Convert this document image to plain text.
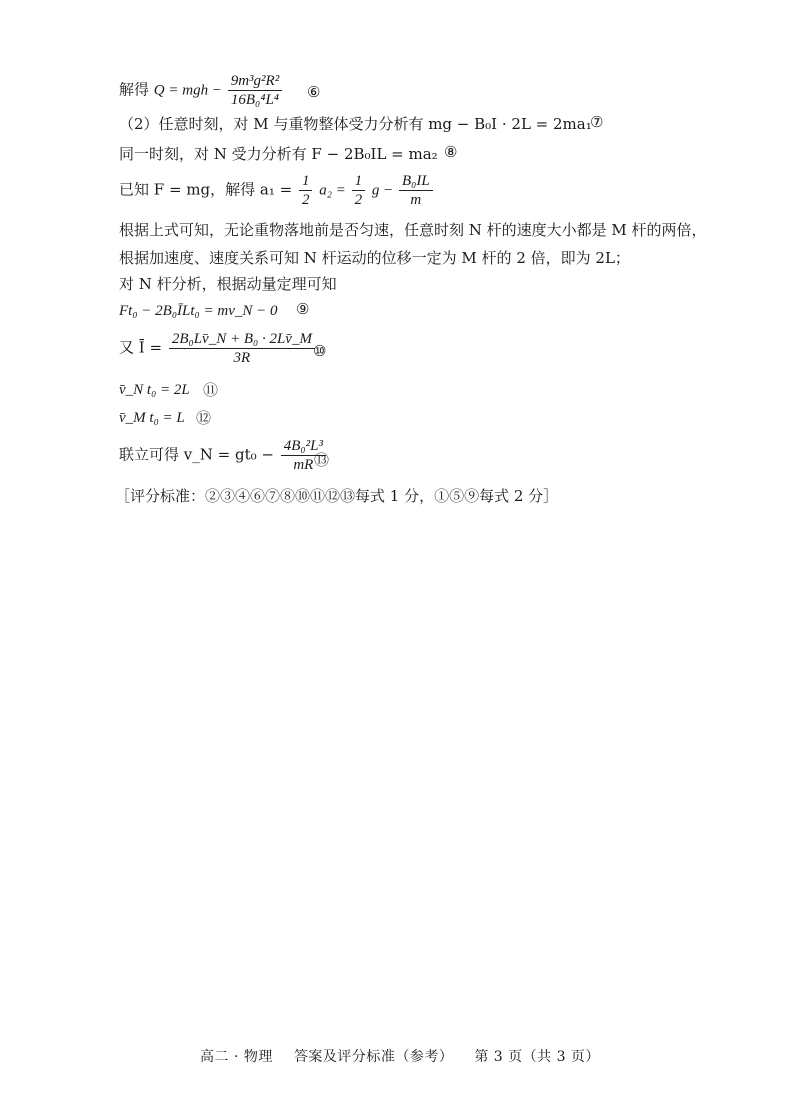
解得 Q = mgh − $\frac{\text{9m³g²R²}}{\text{16B₀⁴L⁴}}$ ⑥
（2）任意时刻，对 M 与重物整体受力分析有 mg − B₀I · 2L = 2ma₁
⑦
同一时刻，对 N 受力分析有 F − 2B₀IL = ma₂ ⑧
已知 F = mg，解得 $a_1 = \frac{1}{2} a_2 = \frac{1}{2}$ $g - \frac{\text{B₀IL}}{m}$
根据上式可知，无论重物落地前是否匀速，任意时刻 N 杆的速度大小都是 M 杆的两倍，
根据加速度、速度关系可知 N 杆运动的位移一定为 M 杆的 2 倍，即为 2L；
对 N 杆分析，根据动量定理可知
Ft₀ − 2B₀ĪLt₀ = mv_N − 0 ⑨
又 Ī = $\frac{\text{2B₀Lv̄\_N + B₀ · 2Lv̄\_M}}{3R}$
⑩
v̄_N t₀ = 2L ⑪
v̄_M t₀ = L ⑫
联立可得 v_N = $gt_0 - \frac{\text{4B₀²L³}}{mR}$
⑬
［评分标准：②③④⑥⑦⑧⑩⑪⑫⑬每式 1 分，①⑤⑨每式 2 分］
高二 · 物理 答案及评分标准（参考） 第 3 页（共 3 页）
